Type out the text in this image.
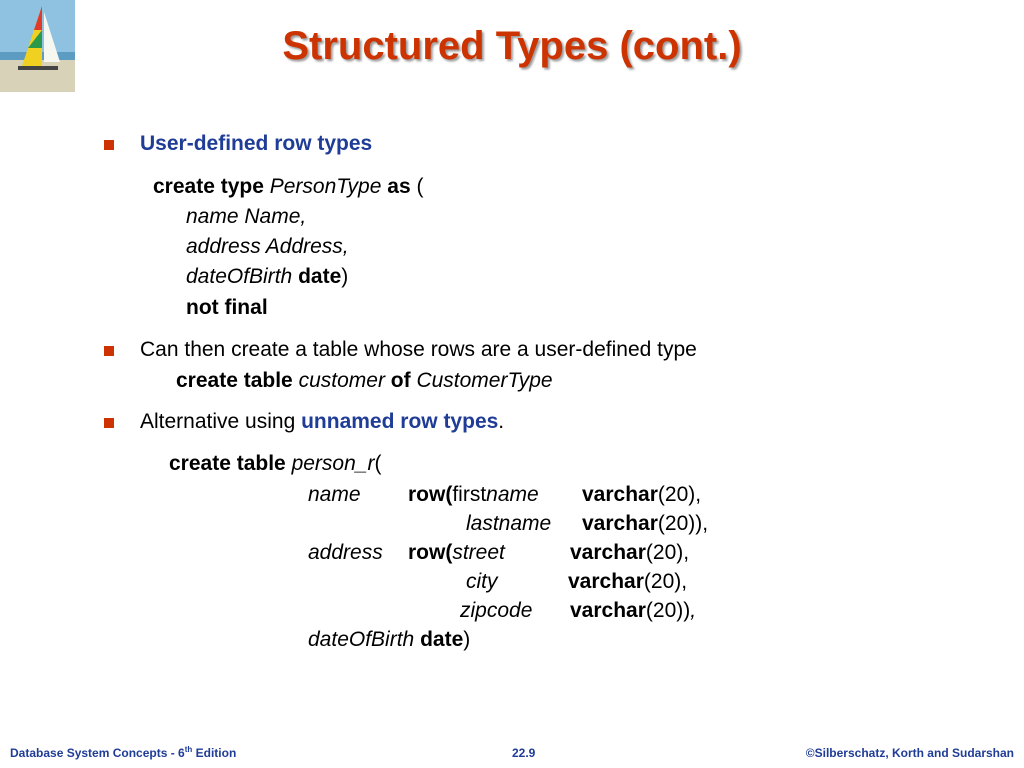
Structured Types (cont.)
User-defined row types
create type PersonType as (
name Name,
address Address,
dateOfBirth date)
not final
Can then create a table whose rows are a user-defined type
create table customer of CustomerType
Alternative using unnamed row types.
create table person_r(
name row(firstname varchar(20),
lastname varchar(20)),
address row(street	varchar(20),
city	varchar(20),
zipcode varchar(20)),
dateOfBirth date)
Database System Concepts - 6th Edition	22.9	©Silberschatz, Korth and Sudarshan
